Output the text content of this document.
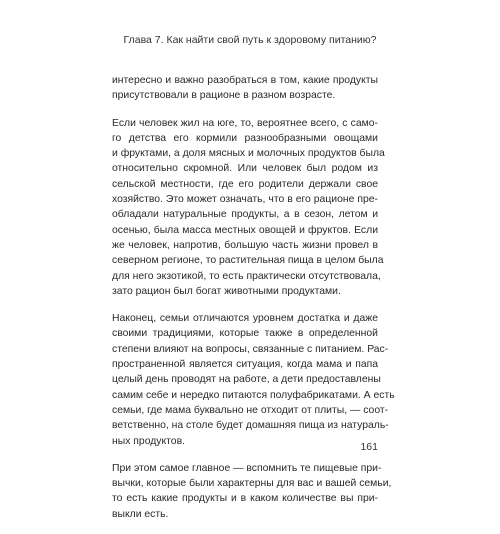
Глава 7. Как найти свой путь к здоровому питанию?

интересно и важно разобраться в том, какие продукты
присутствовали в рационе в разном возрасте.

Если человек жил на юге, то, вероятнее всего, с само-
го детства его кормили разнообразными овощами
и фруктами, а доля мясных и молочных продуктов была
относительно скромной. Или человек был родом из
сельской местности, где его родители держали свое
хозяйство. Это может означать, что в его рационе пре-
обладали натуральные продукты, а в сезон, летом и
осенью, была масса местных овощей и фруктов. Если
же человек, напротив, большую часть жизни провел в
северном регионе, то растительная пища в целом была
для него экзотикой, то есть практически отсутствовала,
зато рацион был богат животными продуктами.

Наконец, семьи отличаются уровнем достатка и даже
своими традициями, которые также в определенной
степени влияют на вопросы, связанные с питанием. Рас-
пространенной является ситуация, когда мама и папа
целый день проводят на работе, а дети предоставлены
самим себе и нередко питаются полуфабрикатами. А есть
семьи, где мама буквально не отходит от плиты, — соот-
ветственно, на столе будет домашняя пища из натураль-
ных продуктов.

При этом самое главное — вспомнить те пищевые при-
вычки, которые были характерны для вас и вашей семьи,
то есть какие продукты и в каком количестве вы при-
выкли есть.

161
